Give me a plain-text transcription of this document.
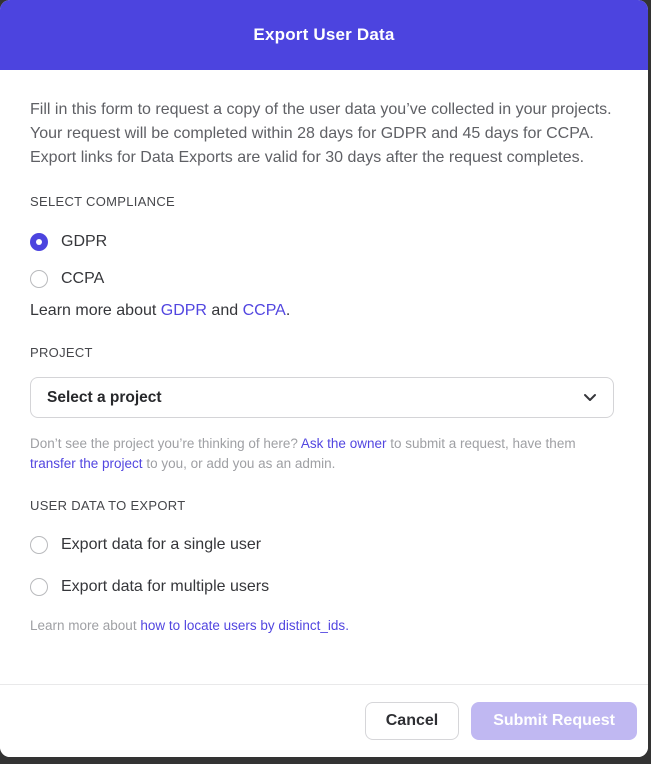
Export User Data

Fill in this form to request a copy of the user data you’ve collected in your projects. Your request will be completed within 28 days for GDPR and 45 days for CCPA. Export links for Data Exports are valid for 30 days after the request completes.

SELECT COMPLIANCE
GDPR
CCPA
Learn more about GDPR and CCPA.
PROJECT
Select a project
Don’t see the project you’re thinking of here? Ask the owner to submit a request, have them transfer the project to you, or add you as an admin.
USER DATA TO EXPORT
Export data for a single user
Export data for multiple users
Learn more about how to locate users by distinct_ids.
Cancel	Submit Request
